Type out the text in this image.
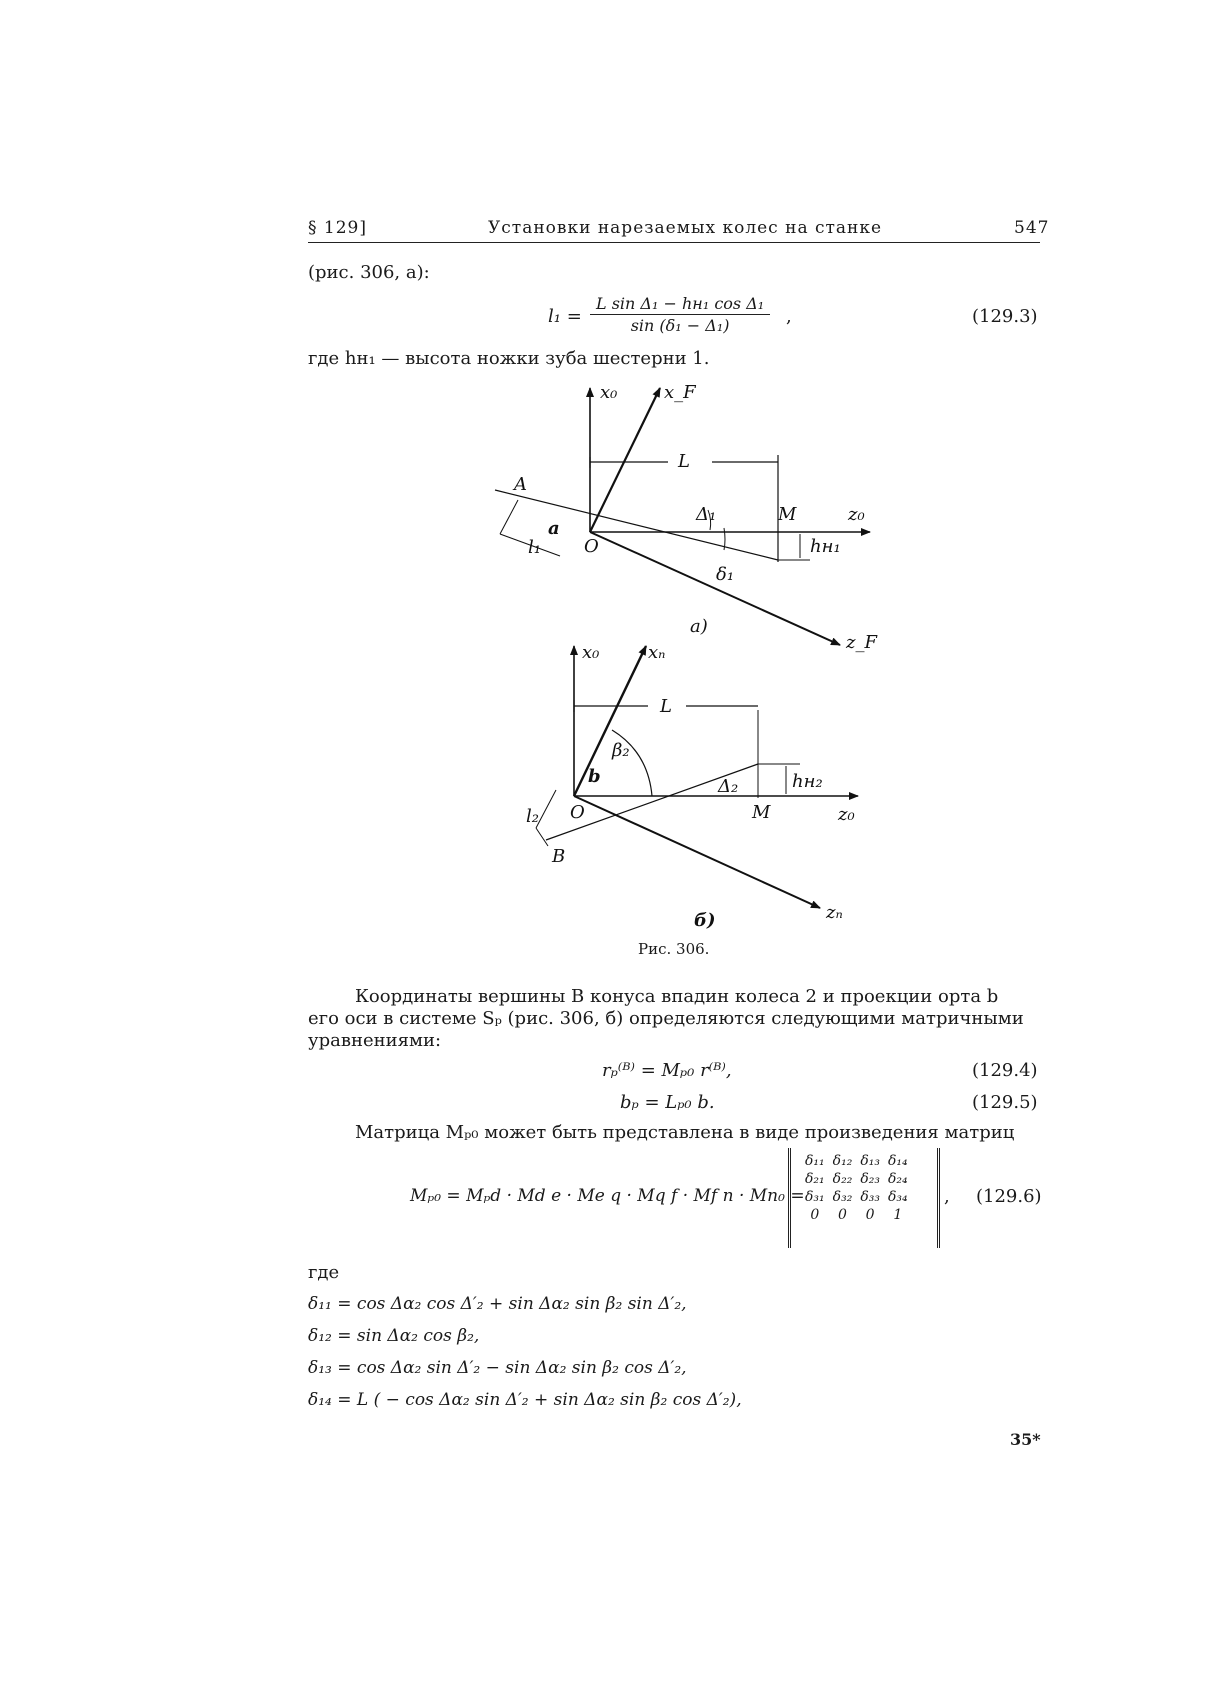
§ 129]	Установки нарезаемых колес на станке	547
(рис. 306, a):
l₁ =
L sin Δ₁ − hн₁ cos Δ₁
sin (δ₁ − Δ₁)	,	(129.3)
где hн₁ — высота ножки зуба шестерни 1.
x₀	x_F
L
A
a
O
l₁
Δ₁	M	z₀
hн₁
δ₁
z_F
a)
x₀	xₙ
L
β₂
b	Δ₂	hн₂
O	M	z₀
l₂
B
zₙ
б)
Рис. 306.
Координаты вершины B конуса впадин колеса 2 и проекции орта b
его оси в системе Sₚ (рис. 306, б) определяются следующими матричными
уравнениями:
rₚ⁽ᴮ⁾ = Mₚ₀ r⁽ᴮ⁾,	(129.4)
bₚ = Lₚ₀ b.	(129.5)
Матрица Mₚ₀ может быть представлена в виде произведения матриц
Mₚ₀ = Mₚd · Md e · Me q · Mq f · Mf n · Mn₀ =
δ₁₁	δ₁₂	δ₁₃	δ₁₄
δ₂₁	δ₂₂	δ₂₃	δ₂₄
δ₃₁	δ₃₂	δ₃₃	δ₃₄
0	0	0	1
, (129.6)
где
δ₁₁ = cos Δα₂ cos Δ′₂ + sin Δα₂ sin β₂ sin Δ′₂,
δ₁₂ = sin Δα₂ cos β₂,
δ₁₃ = cos Δα₂ sin Δ′₂ − sin Δα₂ sin β₂ cos Δ′₂,
δ₁₄ = L ( − cos Δα₂ sin Δ′₂ + sin Δα₂ sin β₂ cos Δ′₂),
35*
